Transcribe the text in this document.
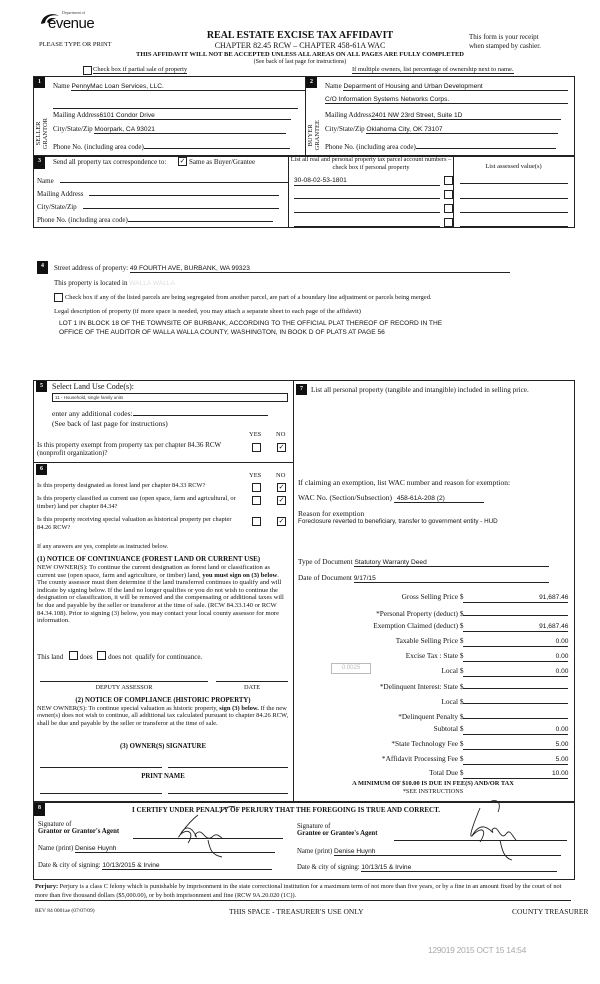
Department of
evenue
PLEASE TYPE OR PRINT
REAL ESTATE EXCISE TAX AFFIDAVIT
CHAPTER 82.45 RCW – CHAPTER 458-61A WAC
This form is your receipt
when stamped by cashier.
THIS AFFIDAVIT WILL NOT BE ACCEPTED UNLESS ALL AREAS ON ALL PAGES ARE FULLY COMPLETED
(See back of last page for instructions)
Check box if partial sale of property	If multiple owners, list percentage of ownership next to name.
1
SELLER
GRANTOR
Name PennyMac Loan Services, LLC.
Mailing Address6101 Condor Drive
City/State/Zip Moorpark, CA 93021
Phone No. (including area code)
2
BUYER
GRANTEE
Name Deparment of Housing and Urban Development
C/O Information Systems Networks Corps.
Mailing Address2401 NW 23rd Street, Suite 1D
City/State/Zip Oklahoma City, OK 73107
Phone No. (including area code)
3	Send all property tax correspondence to: ✓ Same as Buyer/Grantee
Name
Mailing Address
City/State/Zip
Phone No. (including area code)
List all real and personal property tax parcel account numbers – check box if personal property
30-08-02-53-1801
List assessed value(s)
4	Street address of property: 49 FOURTH AVE, BURBANK, WA 99323
This property is located in WALLA WALLA
Check box if any of the listed parcels are being segregated from another parcel, are part of a boundary line adjustment or parcels being merged.
Legal description of property (if more space is needed, you may attach a separate sheet to each page of the affidavit)
LOT 1 IN BLOCK 18 OF THE TOWNSITE OF BURBANK, ACCORDING TO THE OFFICIAL PLAT THEREOF OF RECORD IN THE
OFFICE OF THE AUDITOR OF WALLA WALLA COUNTY, WASHINGTON, IN BOOK D OF PLATS AT PAGE 56
5	Select Land Use Code(s):
11 - Household, single family units
enter any additional codes:
(See back of last page for instructions)
YES NO
Is this property exempt from property tax per chapter 84.36 RCW (nonprofit organization)?
✓
6
YES NO
Is this property designated as forest land per chapter 84.33 RCW?	✓
Is this property classified as current use (open space, farm and agricultural, or timber) land per chapter 84.34?
✓
Is this property receiving special valuation as historical property per chapter 84.26 RCW?
✓
If any answers are yes, complete as instructed below.
(1) NOTICE OF CONTINUANCE (FOREST LAND OR CURRENT USE)
NEW OWNER(S): To continue the current designation as forest land or classification as current use (open space, farm and agriculture, or timber) land, you must sign on (3) below. The county assessor must then determine if the land transferred continues to qualify and will indicate by signing below. If the land no longer qualifies or you do not wish to continue the designation or classification, it will be removed and the compensating or additional taxes will be due and payable by the seller or transferor at the time of sale. (RCW 84.33.140 or RCW 84.34.108). Prior to signing (3) below, you may contact your local county assessor for more information.
This land does does not qualify for continuance.
DEPUTY ASSESSOR	DATE
(2) NOTICE OF COMPLIANCE (HISTORIC PROPERTY)
NEW OWNER(S): To continue special valuation as historic property, sign (3) below. If the new owner(s) does not wish to continue, all additional tax calculated pursuant to chapter 84.26 RCW, shall be due and payable by the seller or transferor at the time of sale.
(3) OWNER(S) SIGNATURE
PRINT NAME
7	List all personal property (tangible and intangible) included in selling price.
If claiming an exemption, list WAC number and reason for exemption:
WAC No. (Section/Subsection) 458-61A-208 (2)
Reason for exemption
Foreclosure reverted to beneficiary, transfer to government entity - HUD
Type of Document Statutory Warranty Deed
Date of Document 9/17/15
0.0025
Gross Selling Price $	91,687.46
*Personal Property (deduct) $
Exemption Claimed (deduct) $	91,687.46
Taxable Selling Price $	0.00
Excise Tax : State $	0.00
Local $	0.00
*Delinquent Interest: State $
Local $
*Delinquent Penalty $
Subtotal $	0.00
*State Technology Fee $	5.00
*Affidavit Processing Fee $	5.00
Total Due $	10.00
A MINIMUM OF $10.00 IS DUE IN FEE(S) AND/OR TAX
*SEE INSTRUCTIONS
8	I CERTIFY UNDER PENALTY OF PERJURY THAT THE FOREGOING IS TRUE AND CORRECT.
Signature of
Grantor or Grantor's Agent
Name (print) Denise Huynh
Date & city of signing: 10/13/2015 & Irvine
Signature of
Grantee or Grantee's Agent
Name (print) Denise Huynh
Date & city of signing: 10/13/15 & Irvine
Perjury: Perjury is a class C felony which is punishable by imprisonment in the state correctional institution for a maximum term of not more than five years, or by a fine in an amount fixed by the court of not more than five thousand dollars ($5,000.00), or by both imprisonment and fine (RCW 9A.20.020 (1C)).
REV 84 0001ae (07/07/09)	THIS SPACE - TREASURER'S USE ONLY	COUNTY TREASURER
129019 2015 OCT 15 14:54
